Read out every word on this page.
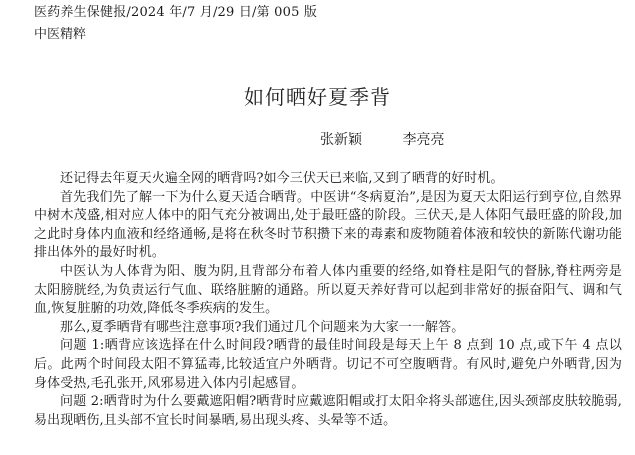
医药养生保健报/2024 年/7 月/29 日/第 005 版
中医精粹
如何晒好夏季背
张新颖	李亮亮

还记得去年夏天火遍全网的晒背吗?如今三伏天已来临,又到了晒背的好时机。

首先我们先了解一下为什么夏天适合晒背。中医讲“冬病夏治”,是因为夏天太阳运行到亨位,自然界中树木茂盛,相对应人体中的阳气充分被调出,处于最旺盛的阶段。三伏天,是人体阳气最旺盛的阶段,加之此时身体内血液和经络通畅,是将在秋冬时节积攒下来的毒素和废物随着体液和较快的新陈代谢功能排出体外的最好时机。

中医认为人体背为阳、腹为阴,且背部分布着人体内重要的经络,如脊柱是阳气的督脉,脊柱两旁是太阳膀胱经,为负责运行气血、联络脏腑的通路。所以夏天养好背可以起到非常好的振奋阳气、调和气血,恢复脏腑的功效,降低冬季疾病的发生。

那么,夏季晒背有哪些注意事项?我们通过几个问题来为大家一一解答。

问题 1:晒背应该选择在什么时间段?晒背的最佳时间段是每天上午 8 点到 10 点,或下午 4 点以后。此两个时间段太阳不算猛毒,比较适宜户外晒背。切记不可空腹晒背。有风时,避免户外晒背,因为身体受热,毛孔张开,风邪易进入体内引起感冒。

问题 2:晒背时为什么要戴遮阳帽?晒背时应戴遮阳帽或打太阳伞将头部遮住,因头颈部皮肤较脆弱,易出现晒伤,且头部不宜长时间暴晒,易出现头疼、头晕等不适。
